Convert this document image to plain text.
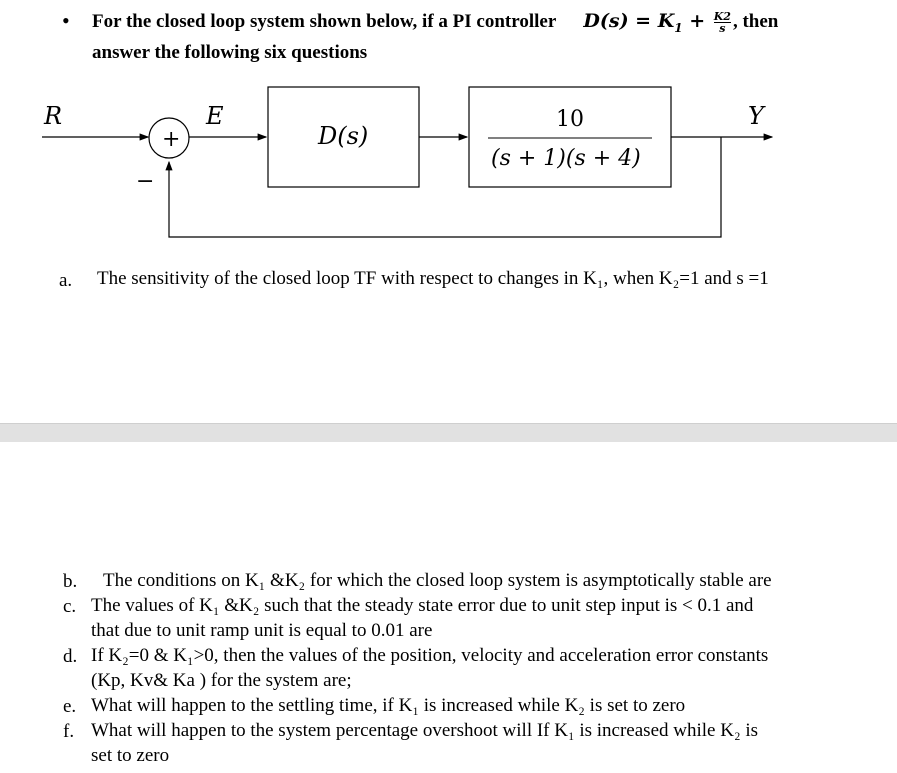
• For the closed loop system shown below, if a PI controller $D(s) = K_1 + \frac{K2}{s}$ , then
answer the following six questions
R
+
−
E
D(s)
10
(s + 1)(s + 4)
Y
a. The sensitivity of the closed loop TF with respect to changes in K₁, when K₂=1 and s =1
b. The conditions on K₁ &K₂ for which the closed loop system is asymptotically stable are
c. The values of K₁ &K₂ such that the steady state error due to unit step input is < 0.1 and
that due to unit ramp unit is equal to 0.01 are
d. If K₂=0 & K₁>0, then the values of the position, velocity and acceleration error constants
(Kp, Kv& Ka ) for the system are;
e. What will happen to the settling time, if K₁ is increased while K₂ is set to zero
f. What will happen to the system percentage overshoot will If K₁ is increased while K₂ is
set to zero
